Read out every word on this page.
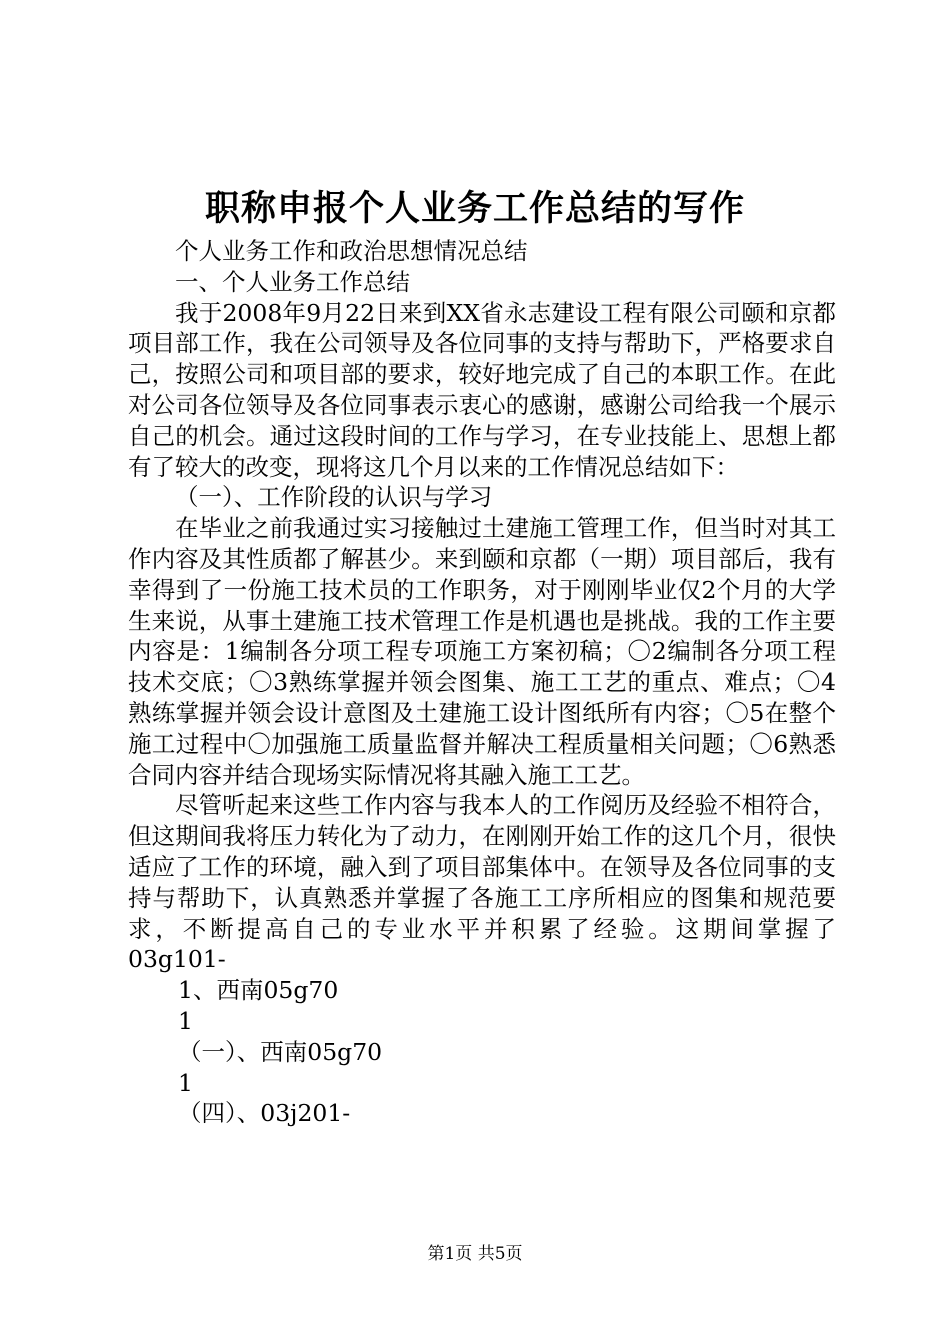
职称申报个人业务工作总结的写作

个人业务工作和政治思想情况总结

一、个人业务工作总结

我于2008年9月22日来到XX省永志建设工程有限公司颐和京都项目部工作，我在公司领导及各位同事的支持与帮助下，严格要求自己，按照公司和项目部的要求，较好地完成了自己的本职工作。在此对公司各位领导及各位同事表示衷心的感谢，感谢公司给我一个展示自己的机会。通过这段时间的工作与学习，在专业技能上、思想上都有了较大的改变，现将这几个月以来的工作情况总结如下：

（一）、工作阶段的认识与学习

在毕业之前我通过实习接触过土建施工管理工作，但当时对其工作内容及其性质都了解甚少。来到颐和京都（一期）项目部后，我有幸得到了一份施工技术员的工作职务，对于刚刚毕业仅2个月的大学生来说，从事土建施工技术管理工作是机遇也是挑战。我的工作主要内容是：1编制各分项工程专项施工方案初稿；〇2编制各分项工程技术交底；〇3熟练掌握并领会图集、施工工艺的重点、难点；〇4熟练掌握并领会设计意图及土建施工设计图纸所有内容；〇5在整个施工过程中〇加强施工质量监督并解决工程质量相关问题；〇6熟悉合同内容并结合现场实际情况将其融入施工工艺。

尽管听起来这些工作内容与我本人的工作阅历及经验不相符合，但这期间我将压力转化为了动力，在刚刚开始工作的这几个月，很快适应了工作的环境，融入到了项目部集体中。在领导及各位同事的支持与帮助下，认真熟悉并掌握了各施工工序所相应的图集和规范要求，不断提高自己的专业水平并积累了经验。这期间掌握了03g101-

1、西南05g70

1

（一）、西南05g70

1

（四）、03j201-

第1页 共5页
